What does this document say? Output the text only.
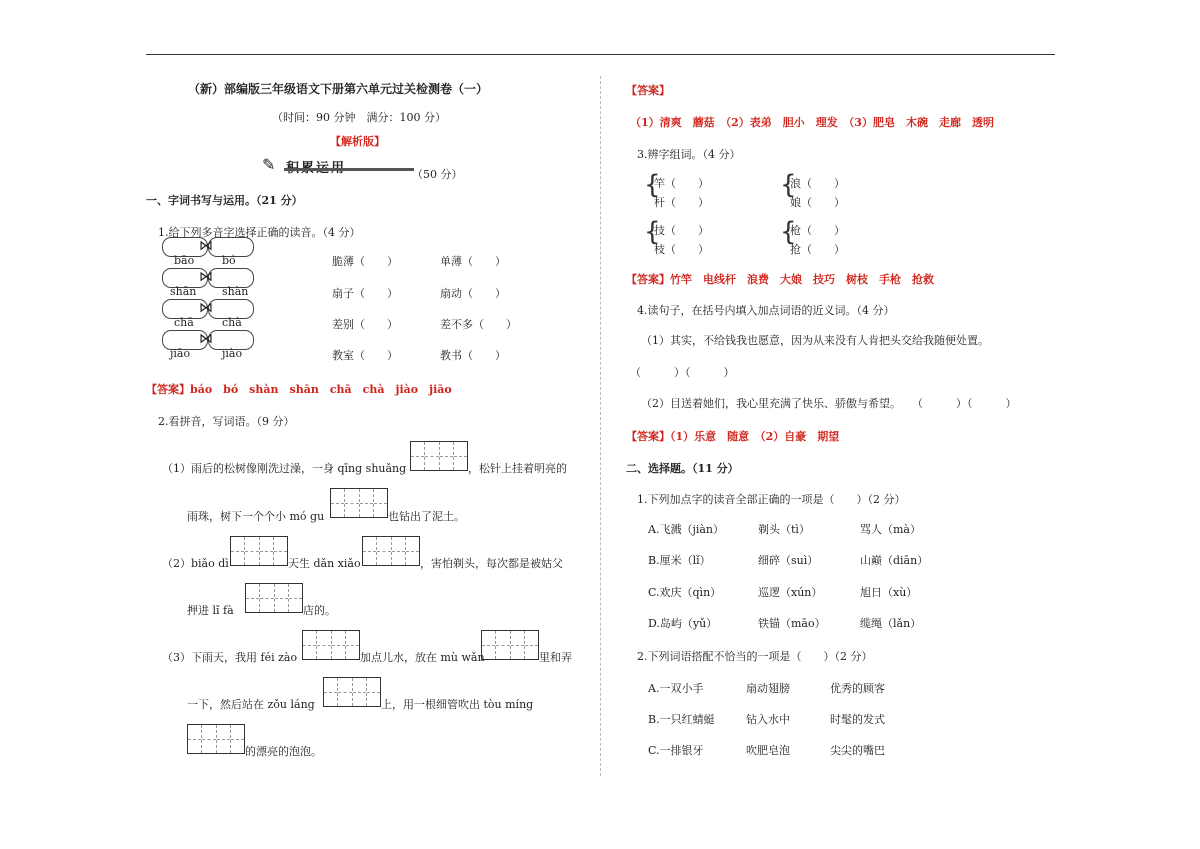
（新）部编版三年级语文下册第六单元过关检测卷（一）
（时间：90 分钟　满分：100 分）
【解析版】
✎
（50 分）
一、字词书写与运用。（21 分）
1.给下列多音字选择正确的读音。（4 分）
⋈
bāo	bó
⋈
shān shàn
⋈
chā	chà
⋈
jiāo	jiào
脆薄（　　）	单薄（　　）
扇子（　　）	扇动（　　）
差别（　　）	差不多（　　）
教室（　　）	教书（　　）
【答案】báo　bó　shàn　shān　chā　chà　jiào　jiāo
2.看拼音，写词语。（9 分）
（1）雨后的松树像刚洗过澡，一身 qīng shuǎng	，松针上挂着明亮的
雨珠，树下一个个小 mó gu	也钻出了泥土。
（2）biǎo dì	天生 dǎn xiǎo	，害怕剃头，每次都是被姑父
押进 lǐ fà	店的。
（3）下雨天，我用 féi zào	加点儿水，放在 mù wǎn	里和弄
一下，然后站在 zǒu láng	上，用一根细管吹出 tòu míng
的漂亮的泡泡。
【答案】
（1）清爽　蘑菇　（2）表弟　胆小　理发　（3）肥皂　木碗　走廊　透明
3.辨字组词。（4 分）
{
竿（　　）
杆（　　）
{
浪（　　）
娘（　　）
{
技（　　）
枝（　　）
{
枪（　　）
抢（　　）
【答案】竹竿　电线杆　浪费　大娘　技巧　树枝　手枪　抢救
4.读句子，在括号内填入加点词语的近义词。（4 分）
（1）其实，不给钱我也愿意，因为从来没有人肯把头交给我随便处置。
（　　　）（　　　）
（2）目送着她们，我心里充满了快乐、骄傲与希望。　　（　　　）（　　　）
【答案】（1）乐意　随意　（2）自豪　期望
二、选择题。（11 分）
1.下列加点字的读音全部正确的一项是（　　）（2 分）
A.飞溅（jiàn）	剃头（tì）	骂人（mà）
B.厘米（lǐ）	细碎（suì）	山巅（diān）
C.欢庆（qìn）	巡逻（xún）	旭日（xù）
D.岛屿（yǔ）	铁锚（māo）	缆绳（lǎn）
2.下列词语搭配不恰当的一项是（　　）（2 分）
A.一双小手	扇动翅膀	优秀的顾客
B.一只红蜻蜓	钻入水中	时髦的发式
C.一排银牙	吹肥皂泡	尖尖的嘴巴
